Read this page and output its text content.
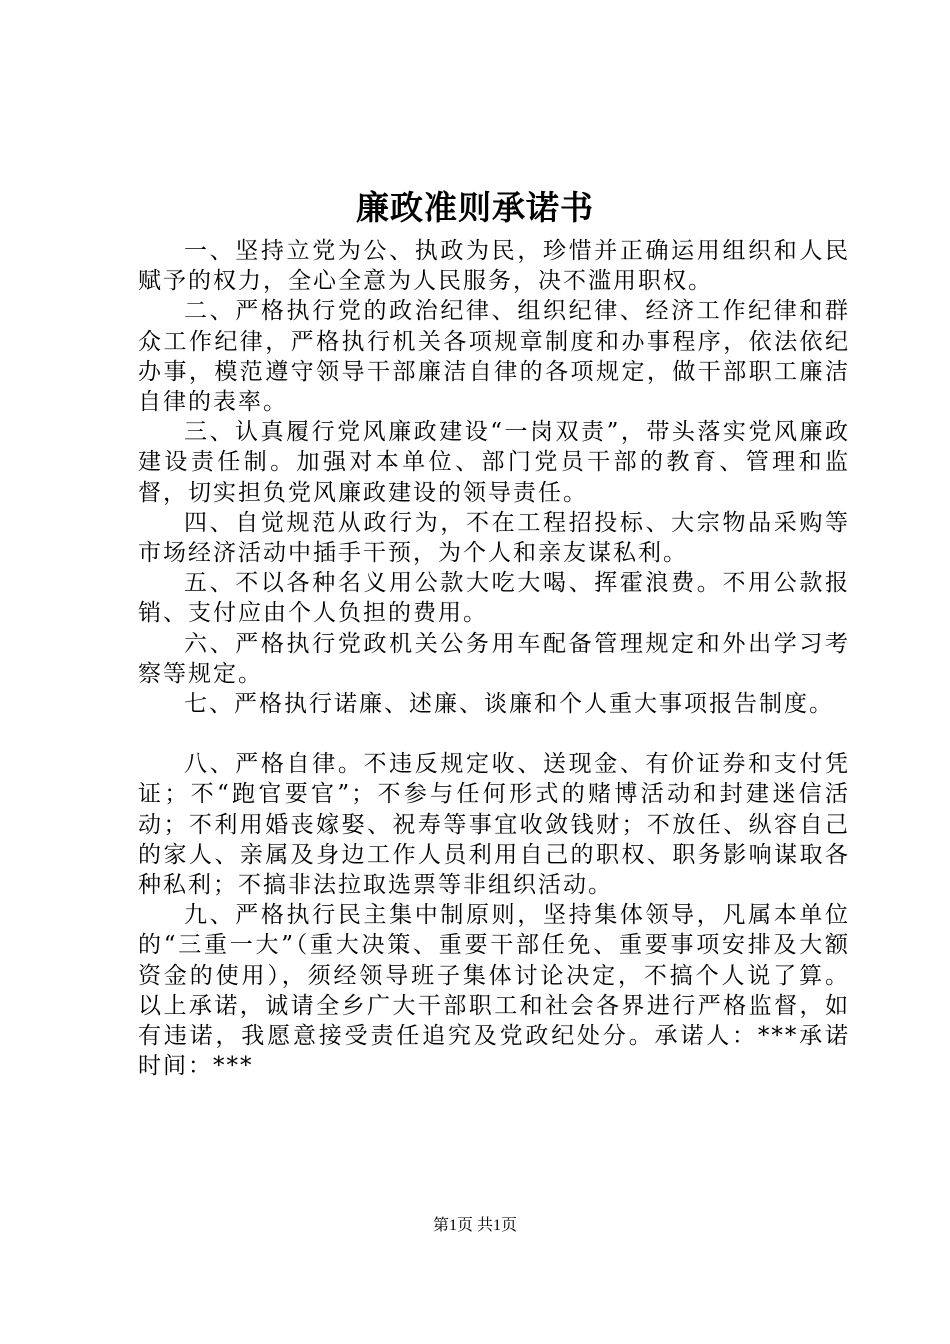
廉政准则承诺书

一、坚持立党为公、执政为民，珍惜并正确运用组织和人民赋予的权力，全心全意为人民服务，决不滥用职权。

二、严格执行党的政治纪律、组织纪律、经济工作纪律和群众工作纪律，严格执行机关各项规章制度和办事程序，依法依纪办事，模范遵守领导干部廉洁自律的各项规定，做干部职工廉洁自律的表率。

三、认真履行党风廉政建设“一岗双责”，带头落实党风廉政建设责任制。加强对本单位、部门党员干部的教育、管理和监督，切实担负党风廉政建设的领导责任。

四、自觉规范从政行为，不在工程招投标、大宗物品采购等市场经济活动中插手干预，为个人和亲友谋私利。

五、不以各种名义用公款大吃大喝、挥霍浪费。不用公款报销、支付应由个人负担的费用。

六、严格执行党政机关公务用车配备管理规定和外出学习考察等规定。

七、严格执行诺廉、述廉、谈廉和个人重大事项报告制度。

八、严格自律。不违反规定收、送现金、有价证券和支付凭证；不“跑官要官”；不参与任何形式的赌博活动和封建迷信活动；不利用婚丧嫁娶、祝寿等事宜收敛钱财；不放任、纵容自己的家人、亲属及身边工作人员利用自己的职权、职务影响谋取各种私利；不搞非法拉取选票等非组织活动。

九、严格执行民主集中制原则，坚持集体领导，凡属本单位的“三重一大”（重大决策、重要干部任免、重要事项安排及大额资金的使用），须经领导班子集体讨论决定，不搞个人说了算。以上承诺，诚请全乡广大干部职工和社会各界进行严格监督，如有违诺，我愿意接受责任追究及党政纪处分。承诺人：***承诺时间：***

第1页 共1页
